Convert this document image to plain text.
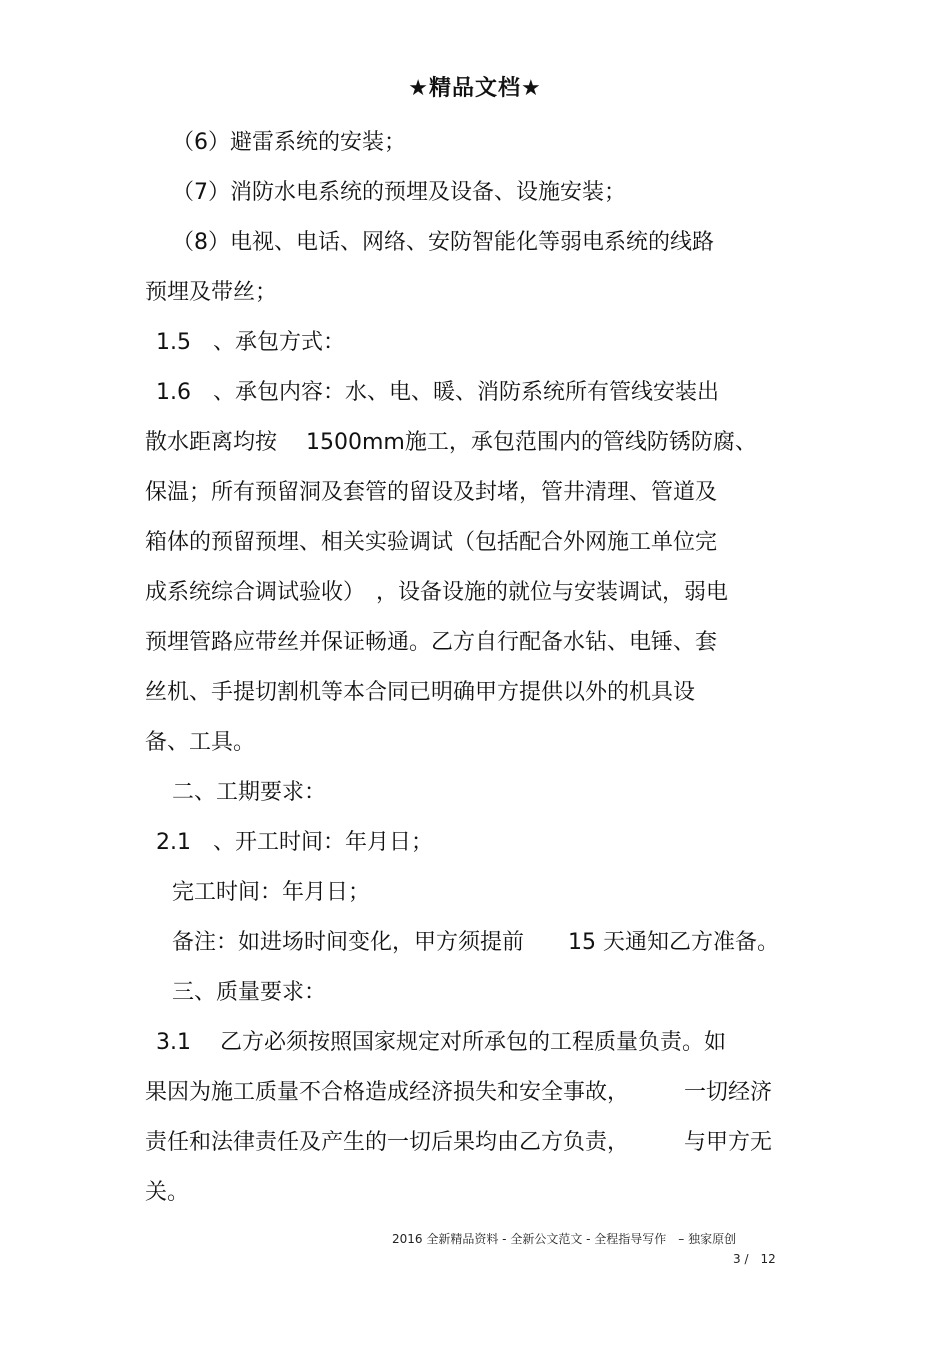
★精品文档★
（6）避雷系统的安装；
（7）消防水电系统的预埋及设备、设施安装；
（8）电视、电话、网络、安防智能化等弱电系统的线路
预埋及带丝；
1.5　、承包方式：
1.6　、承包内容：水、电、暖、消防系统所有管线安装出
散水距离均按　 1500mm施工，承包范围内的管线防锈防腐、
保温；所有预留洞及套管的留设及封堵，管井清理、管道及
箱体的预留预埋、相关实验调试（包括配合外网施工单位完
成系统综合调试验收）　，设备设施的就位与安装调试，弱电
预埋管路应带丝并保证畅通。乙方自行配备水钻、电锤、套
丝机、手提切割机等本合同已明确甲方提供以外的机具设
备、工具。
二、工期要求：
2.1　、开工时间：年月日；
完工时间：年月日；
备注：如进场时间变化，甲方须提前　　15 天通知乙方准备。
三、质量要求：
3.1　 乙方必须按照国家规定对所承包的工程质量负责。如
果因为施工质量不合格造成经济损失和安全事故，　　　一切经济
责任和法律责任及产生的一切后果均由乙方负责，　　　与甲方无
关。
2016 全新精品资料 - 全新公文范文 - 全程指导写作　– 独家原创
3 /　12
